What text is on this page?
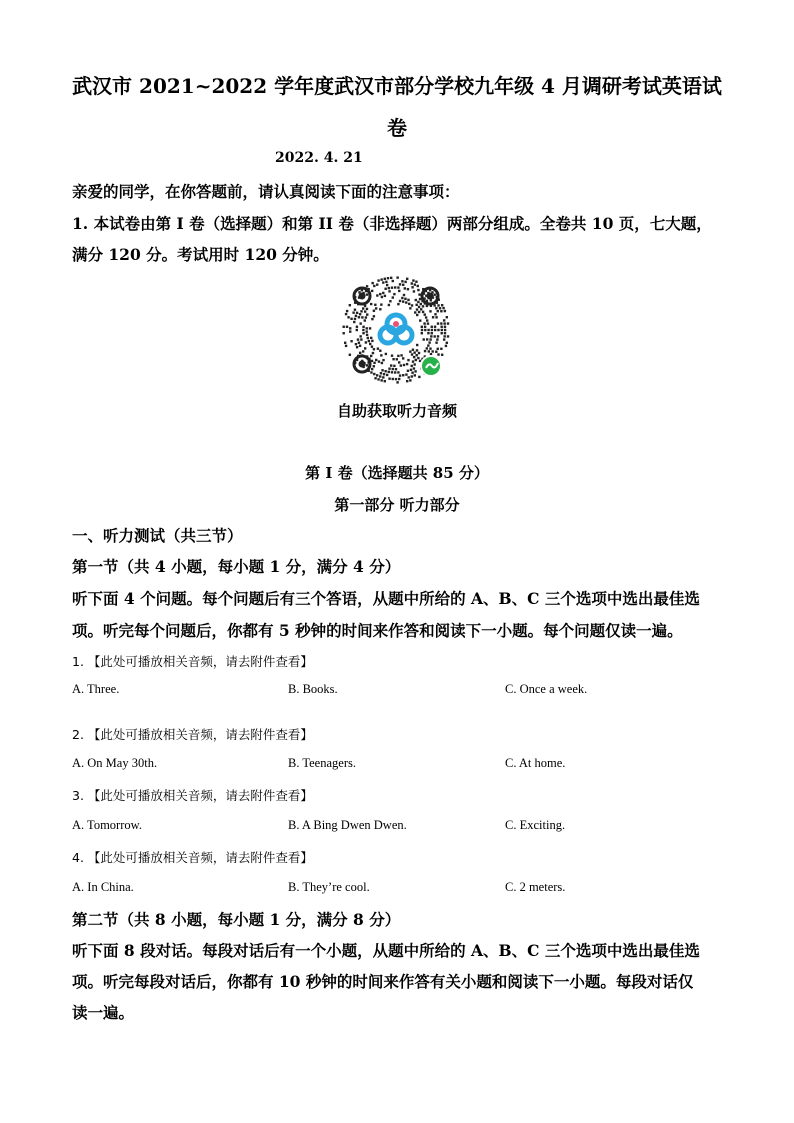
武汉市 2021~2022 学年度武汉市部分学校九年级 4 月调研考试英语试
卷
2022. 4. 21
亲爱的同学，在你答题前，请认真阅读下面的注意事项：
1. 本试卷由第 I 卷（选择题）和第 II 卷（非选择题）两部分组成。全卷共 10 页，七大题，
满分 120 分。考试用时 120 分钟。
自助获取听力音频
第 I 卷（选择题共 85 分）
第一部分 听力部分
一、听力测试（共三节）
第一节（共 4 小题，每小题 1 分，满分 4 分）
听下面 4 个问题。每个问题后有三个答语，从题中所给的 A、B、C 三个选项中选出最佳选
项。听完每个问题后，你都有 5 秒钟的时间来作答和阅读下一小题。每个问题仅读一遍。
1. 【此处可播放相关音频，请去附件查看】
A. Three.	B. Books.	C. Once a week.
2. 【此处可播放相关音频，请去附件查看】
A. On May 30th.	B. Teenagers.	C. At home.
3. 【此处可播放相关音频，请去附件查看】
A. Tomorrow.	B. A Bing Dwen Dwen.	C. Exciting.
4. 【此处可播放相关音频，请去附件查看】
A. In China.	B. They’re cool.	C. 2 meters.
第二节（共 8 小题，每小题 1 分，满分 8 分）
听下面 8 段对话。每段对话后有一个小题，从题中所给的 A、B、C 三个选项中选出最佳选
项。听完每段对话后，你都有 10 秒钟的时间来作答有关小题和阅读下一小题。每段对话仅
读一遍。
